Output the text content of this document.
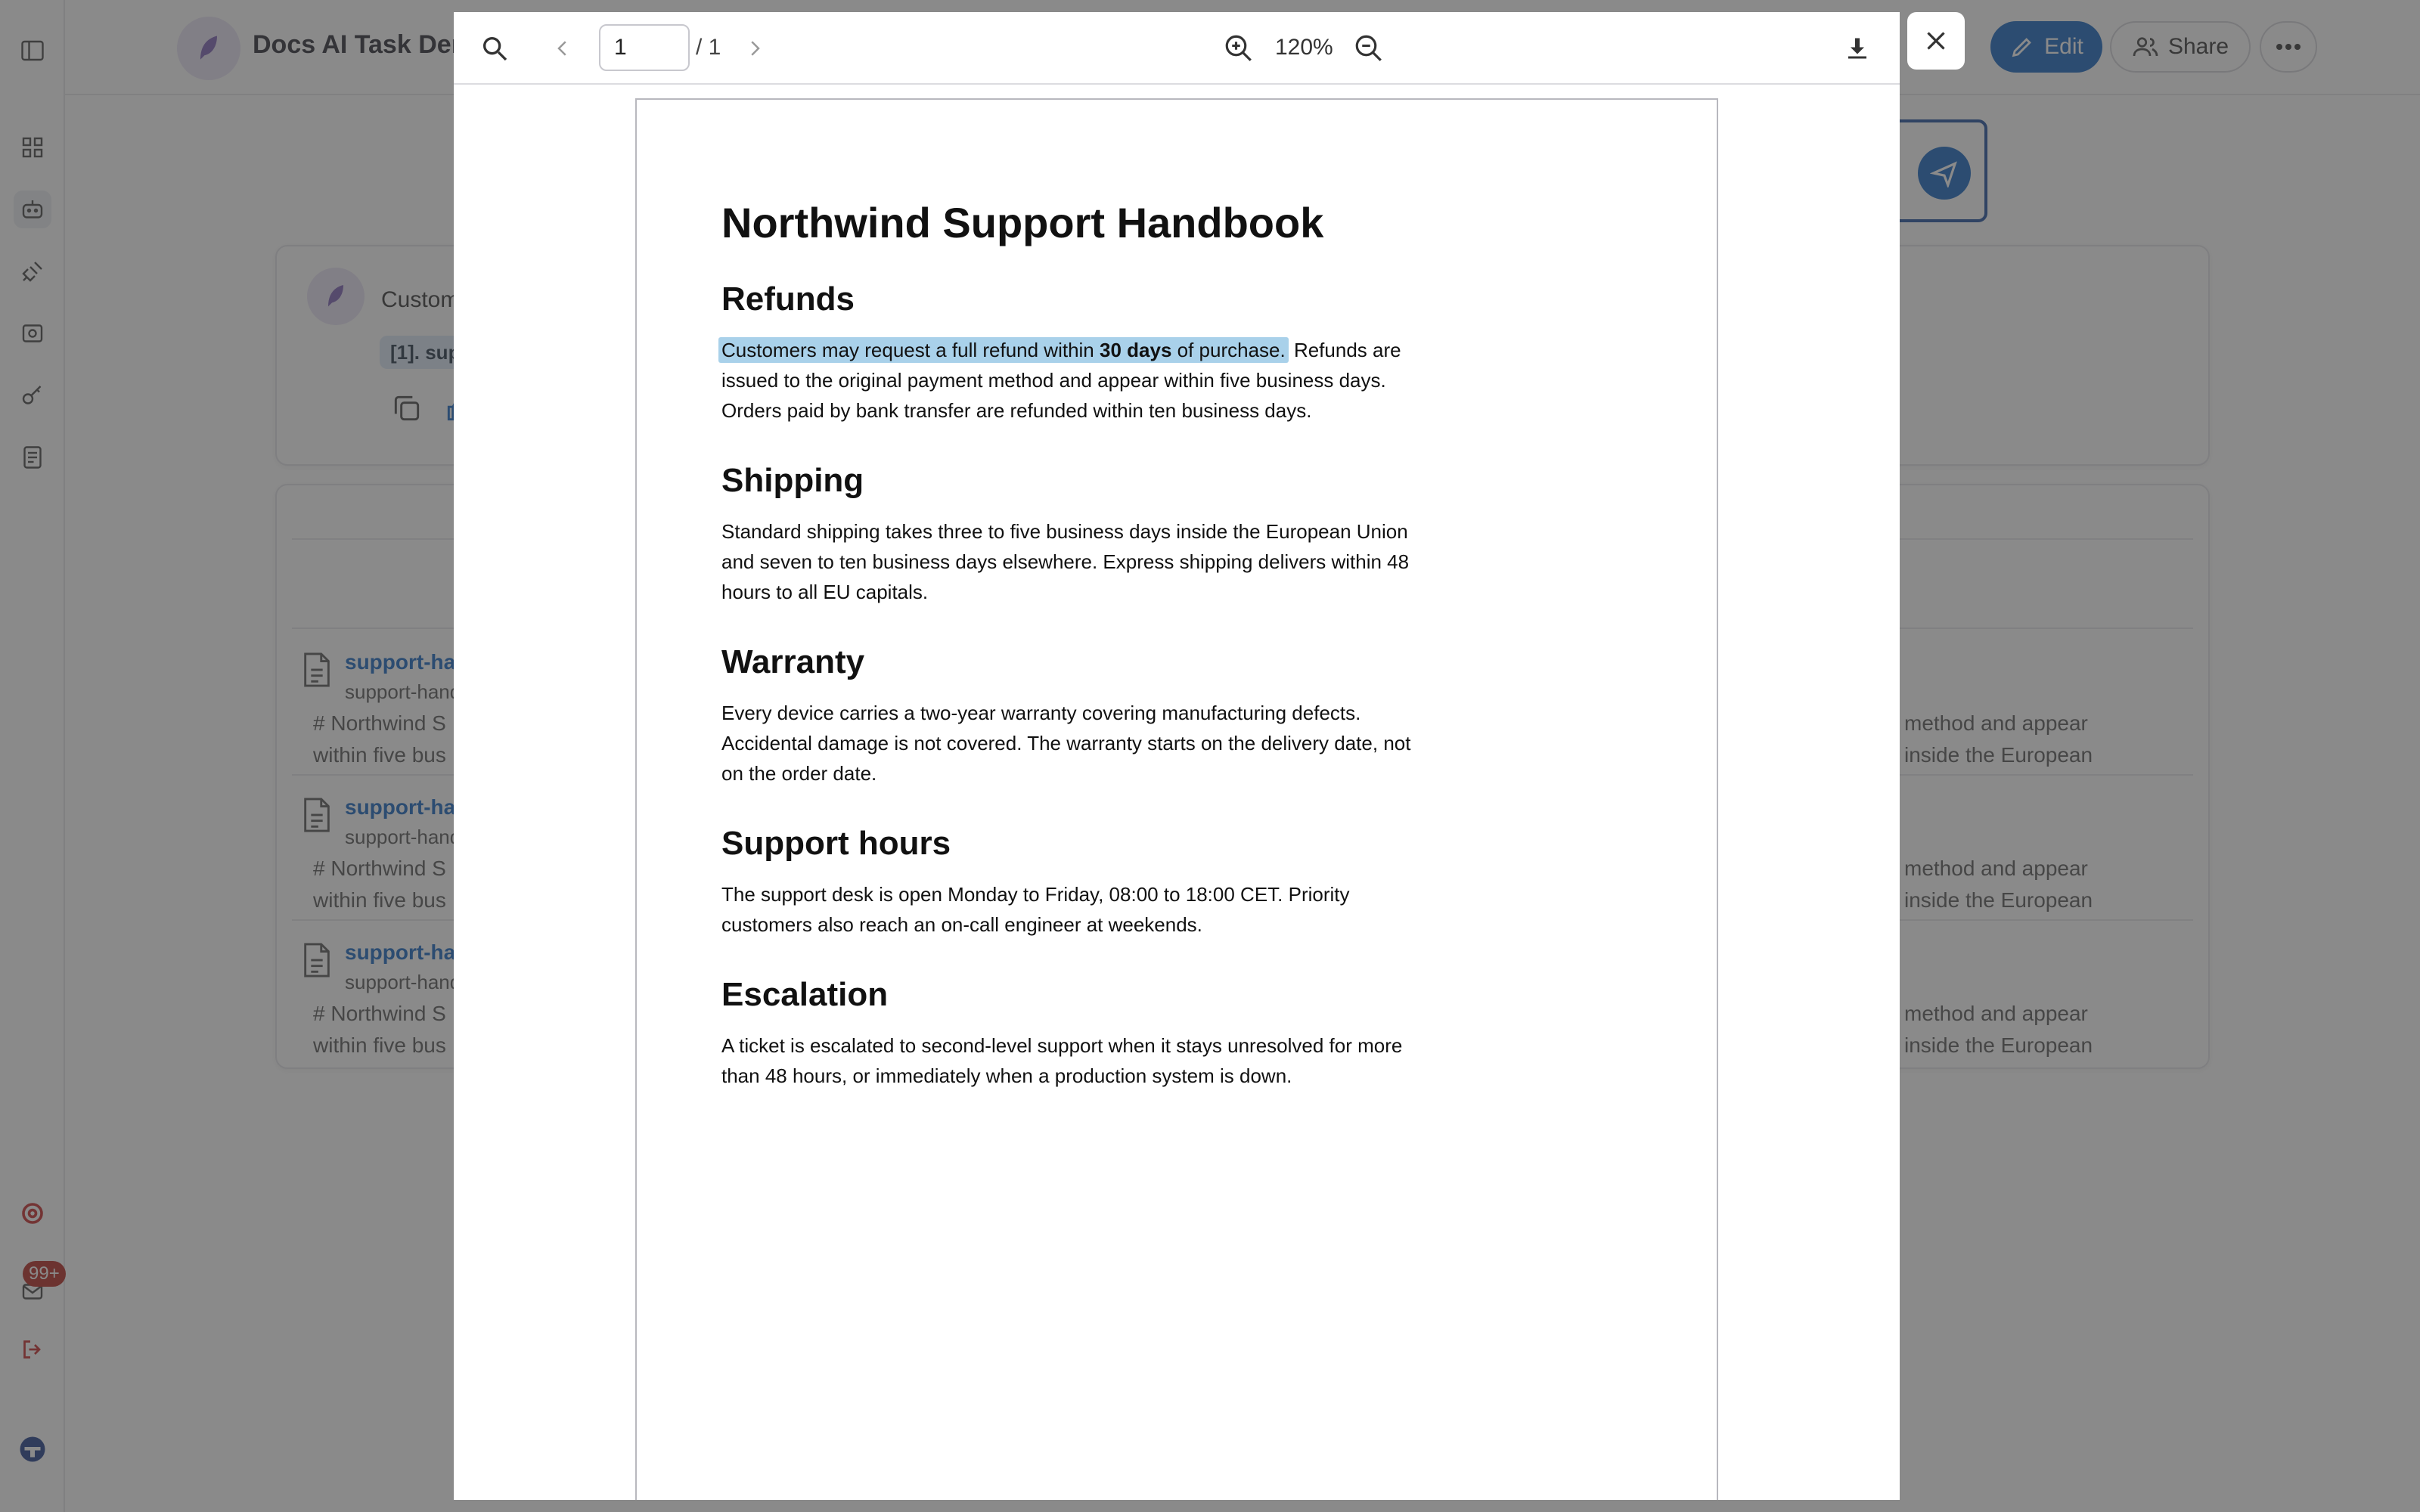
1
/ 1	120%
Northwind Support Handbook
Refunds

Customers may request a full refund within 30 days of purchase. Refunds are issued to the original payment method and appear within five business days. Orders paid by bank transfer are refunded within ten business days.

Shipping

Standard shipping takes three to five business days inside the European Union and seven to ten business days elsewhere. Express shipping delivers within 48 hours to all EU capitals.

Warranty

Every device carries a two-year warranty covering manufacturing defects. Accidental damage is not covered. The warranty starts on the delivery date, not on the order date.

Support hours

The support desk is open Monday to Friday, 08:00 to 18:00 CET. Priority customers also reach an on-call engineer at weekends.

Escalation

A ticket is escalated to second-level support when it stays unresolved for more than 48 hours, or immediately when a production system is down.
